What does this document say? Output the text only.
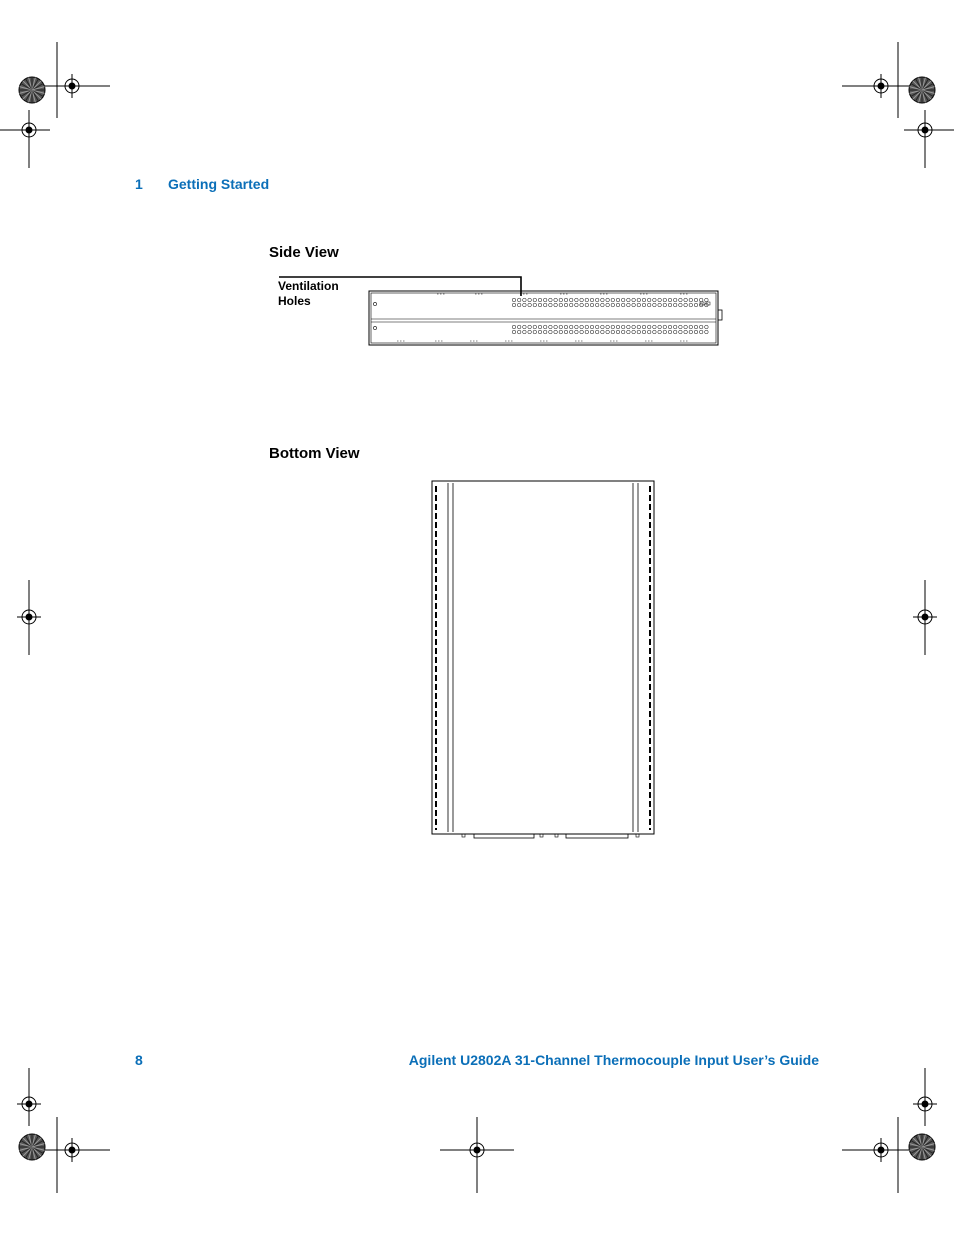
1 Getting Started
Side View
Ventilation
Holes
Bottom View
8	Agilent U2802A 31-Channel Thermocouple Input User’s Guide
